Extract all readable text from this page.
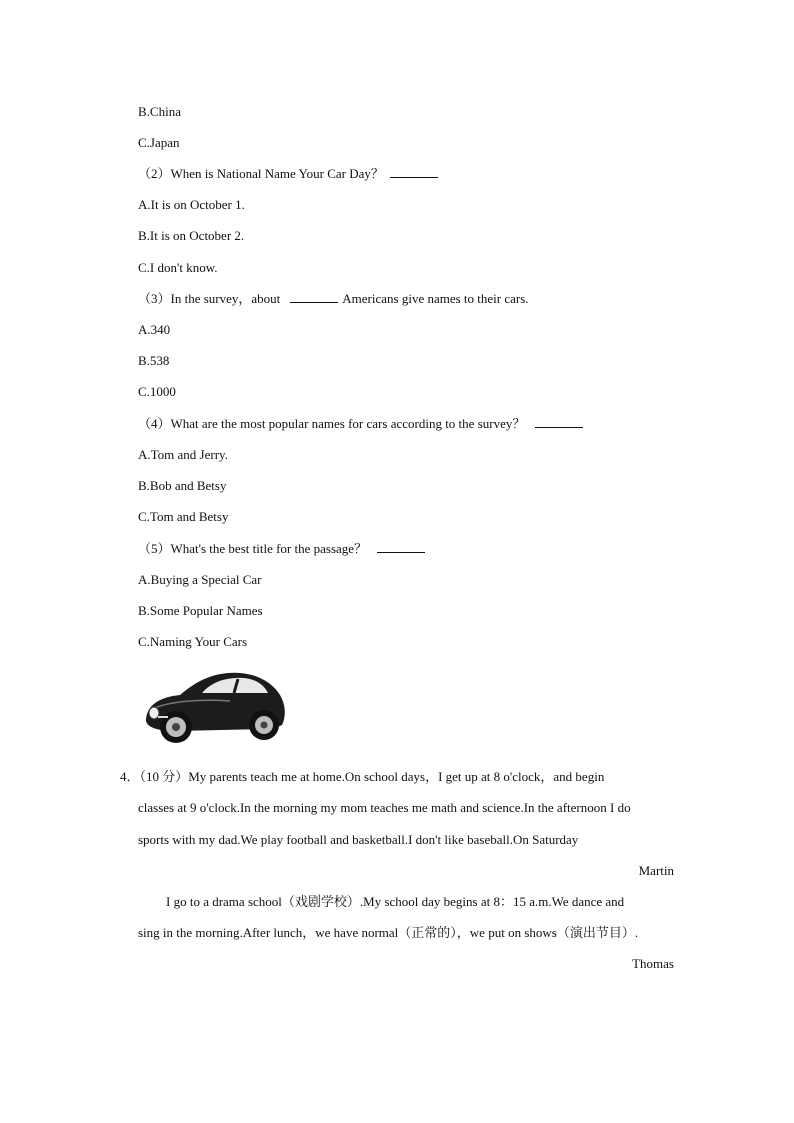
B.China
C.Japan
（2）When is National Name Your Car Day？
A.It is on October 1.
B.It is on October 2.
C.I don't know.
（3）In the survey，about	Americans give names to their cars.
A.340
B.538
C.1000
（4）What are the most popular names for cars according to the survey？
A.Tom and Jerry.
B.Bob and Betsy
C.Tom and Betsy
（5）What's the best title for the passage？
A.Buying a Special Car
B.Some Popular Names
C.Naming Your Cars
4．（10 分）My parents teach me at home.On school days，I get up at 8 o'clock，and begin
classes at 9 o'clock.In the morning my mom teaches me math and science.In the afternoon I do
sports with my dad.We play football and basketball.I don't like baseball.On Saturday
Martin
I go to a drama school（戏剧学校）.My school day begins at 8：15 a.m.We dance and
sing in the morning.After lunch，we have normal（正常的），we put on shows（演出节目）.
Thomas
